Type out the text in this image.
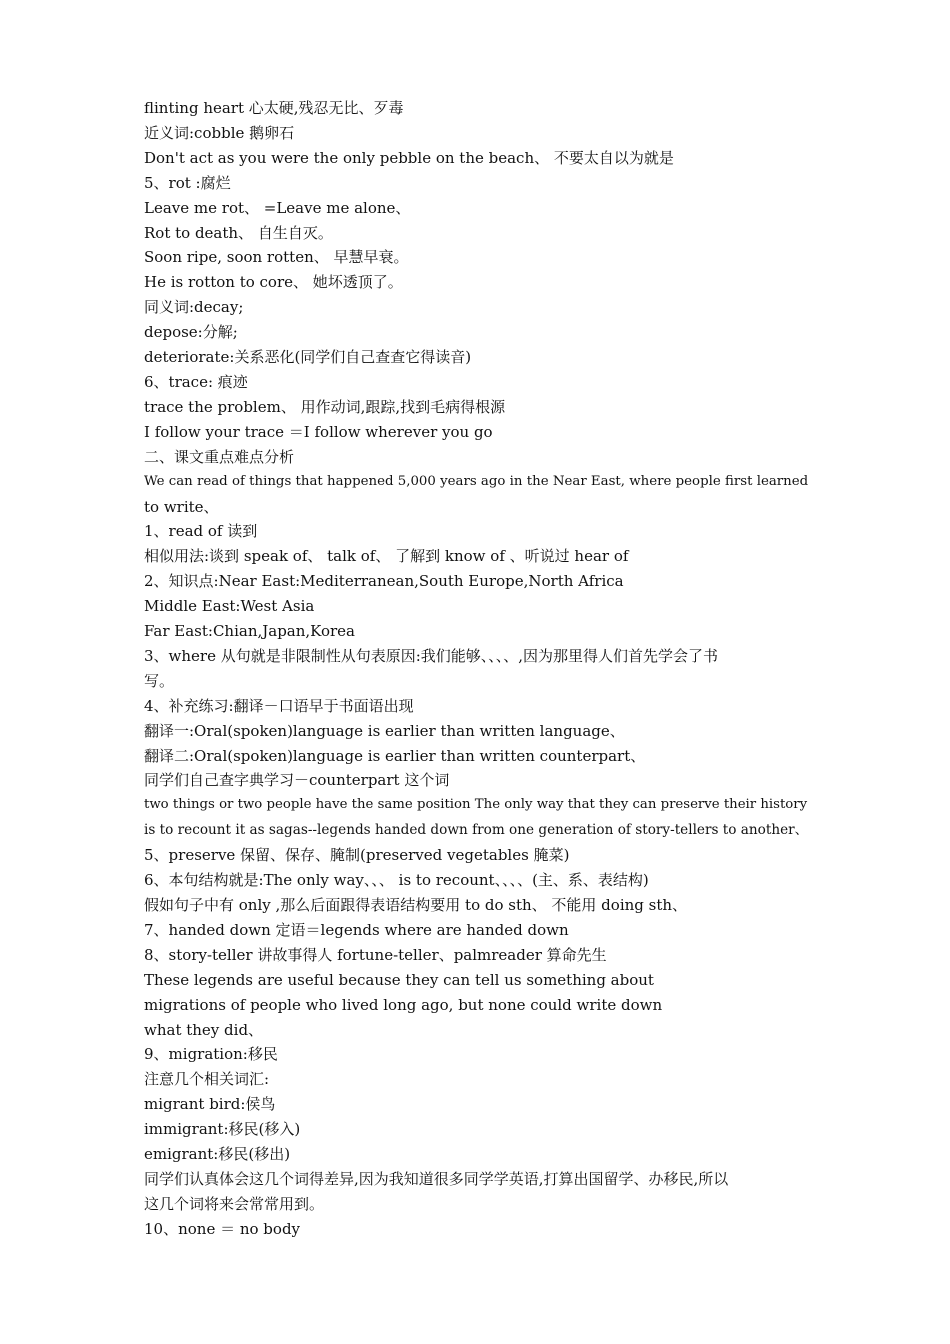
flinting heart 心太硬,残忍无比、歹毒
近义词:cobble 鹅卵石
Don't act as you were the only pebble on the beach、 不要太自以为就是
5、rot :腐烂
Leave me rot、 =Leave me alone、
Rot to death、 自生自灭。
Soon ripe, soon rotten、 早慧早衰。
He is rotton to core、 她坏透顶了。
同义词:decay;
depose:分解;
deteriorate:关系恶化(同学们自己查查它得读音)
6、trace: 痕迹
trace the problem、 用作动词,跟踪,找到毛病得根源
I follow your trace ＝I follow wherever you go
二、课文重点难点分析
We can read of things that happened 5,000 years ago in the Near East, where people first learned
to write、
1、read of 读到
相似用法:谈到 speak of、 talk of、 了解到 know of 、听说过 hear of
2、知识点:Near East:Mediterranean,South Europe,North Africa
Middle East:West Asia
Far East:Chian,Japan,Korea
3、where 从句就是非限制性从句表原因:我们能够、、、、,因为那里得人们首先学会了书
写。
4、补充练习:翻译－口语早于书面语出现
翻译一:Oral(spoken)language is earlier than written language、
翻译二:Oral(spoken)language is earlier than written counterpart、
同学们自己查字典学习－counterpart 这个词
two things or two people have the same position The only way that they can preserve their history
is to recount it as sagas--legends handed down from one generation of story-tellers to another、
5、preserve 保留、保存、腌制(preserved vegetables 腌菜)
6、本句结构就是:The only way、、、 is to recount、、、、(主、系、表结构)
假如句子中有 only ,那么后面跟得表语结构要用 to do sth、 不能用 doing sth、
7、handed down 定语＝legends where are handed down
8、story-teller 讲故事得人 fortune-teller、palmreader 算命先生
These legends are useful because they can tell us something about
migrations of people who lived long ago, but none could write down
what they did、
9、migration:移民
注意几个相关词汇:
migrant bird:侯鸟
immigrant:移民(移入)
emigrant:移民(移出)
同学们认真体会这几个词得差异,因为我知道很多同学学英语,打算出国留学、办移民,所以
这几个词将来会常常用到。
10、none ＝ no body
